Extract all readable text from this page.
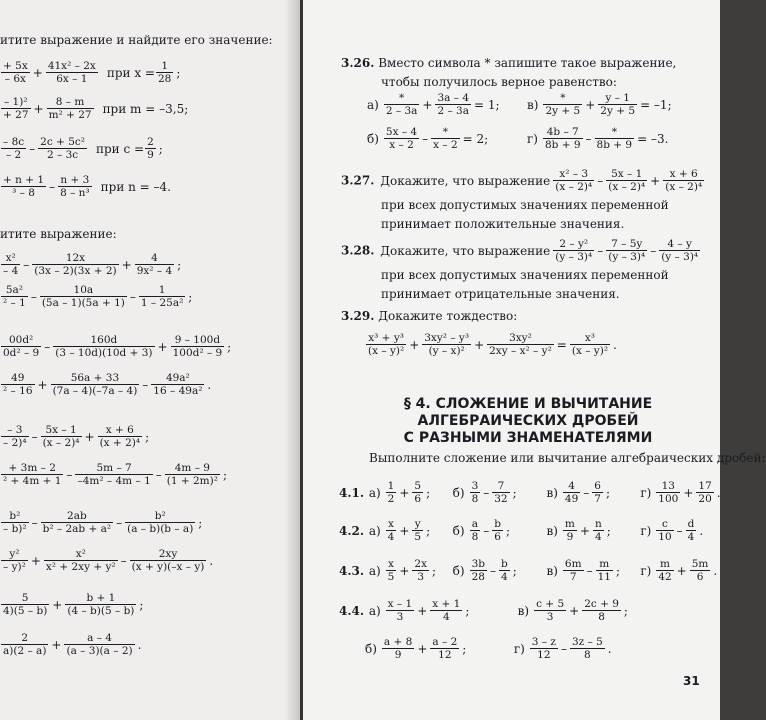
итите выражение и найдите его значение:
$\frac{+ 5x}{- 6x} + \frac{\text{41x² – 2x}}{6x - 1}$ при $x = \frac{1}{28}$ ;
$\frac{\text{– 1)²}}{+ 27} + \frac{8 - m}{\text{m² + 27}}$ при m = –3,5;
$\frac{- 8c}{- 2} - \frac{\text{2c + 5c²}}{2 - 3c}$ при $c = \frac{2}{9}$ ;
$\frac{+ n + 1}{\text{³ – 8}} - \frac{n + 3}{\text{8 – n³}}$ при n = –4.
итите выражение:
$\frac{\text{x²}}{- 4} - \frac{12x}{(3x - 2)(3x + 2)} + \frac{4}{\text{9x² – 4}}$ ;
$\frac{\text{5a²}}{\text{² – 1}} - \frac{10a}{(5a - 1)(5a + 1)} - \frac{1}{\text{1 – 25a²}}$ ;
$\frac{\text{00d²}}{\text{0d² – 9}} - \frac{160d}{(3 - 10d)(10d + 3)} + \frac{9 - 100d}{\text{100d² – 9}}$ ;
$\frac{49}{\text{² – 16}} + \frac{56a + 33}{(7a - 4)(-7a - 4)} - \frac{\text{49a²}}{\text{16 – 49a²}}$ .
$\frac{- 3}{\text{– 2)⁴}} - \frac{5x - 1}{\text{(x – 2)⁴}} + \frac{x + 6}{\text{(x + 2)⁴}}$ ;
$\frac{+ 3m - 2}{\text{² + 4m + 1}} - \frac{5m - 7}{\text{–4m² – 4m – 1}} - \frac{4m - 9}{\text{(1 + 2m)²}}$ ;
$\frac{\text{b²}}{\text{– b)²}} - \frac{2ab}{\text{b² – 2ab + a²}} - \frac{\text{b²}}{(a - b)(b - a)}$ ;
$\frac{\text{y²}}{\text{– y)²}} + \frac{\text{x²}}{\text{x² + 2xy + y²}} - \frac{2xy}{(x + y)(-x - y)}$ .
$\frac{5}{4)(5 - b)} + \frac{b + 1}{(4 - b)(5 - b)}$ ;
$\frac{2}{a)(2 - a)} + \frac{a - 4}{(a - 3)(a - 2)}$ .
3.26. Вместо символа * запишите такое выражение, чтобы получилось верное равенство:
а)	*
$2 - 3a + \frac{3a - 4}{2 - 3a} = 1$; в)	*
$2y + 5 + \frac{y - 1}{2y + 5} = -1$;
$б) \frac{5x - 4}{x - 2}$ –	*
x – 2 = 2;	$г) \frac{4b - 7}{8b + 9}$ –	*
8b + 9 = –3.
3.27. Докажите, что выражение $\frac{\text{x² – 3}}{\text{(x – 2)⁴}} - \frac{5x - 1}{\text{(x – 2)⁴}} + \frac{x + 6}{\text{(x – 2)⁴}}$
при всех допустимых значениях переменной принимает положительные значения.
3.28. Докажите, что выражение $\frac{\text{2 – y²}}{\text{(y – 3)⁴}} - \frac{7 - 5y}{\text{(y – 3)⁴}} - \frac{4 - y}{\text{(y – 3)⁴}}$
при всех допустимых значениях переменной принимает отрицательные значения.
3.29. Докажите тождество:
$\frac{\text{x³ + y³}}{\text{(x – y)²}} + \frac{\text{3xy² – y³}}{\text{(y – x)²}} + \frac{\text{3xy²}}{\text{2xy – x² – y²}} = \frac{\text{x³}}{\text{(x – y)²}}$ .
§ 4. СЛОЖЕНИЕ И ВЫЧИТАНИЕ
АЛГЕБРАИЧЕСКИХ ДРОБЕЙ
С РАЗНЫМИ ЗНАМЕНАТЕЛЯМИ
Выполните сложение или вычитание алгебраических дробей:
4.1. $а) \frac{1}{2} + \frac{5}{6}$ ; $б) \frac{3}{8} - \frac{7}{32}$ ; $в) \frac{4}{49} - \frac{6}{7}$ ;	$г) \frac{13}{100} + \frac{17}{20}$ .
4.2. $а) \frac{x}{4} + \frac{y}{5}$ ; $б) \frac{a}{8} - \frac{b}{6}$ ;	$в) \frac{m}{9} + \frac{n}{4}$ ; $г) \frac{c}{10} - \frac{d}{4}$ .
4.3. $а) \frac{x}{5} + \frac{2x}{3}$ ; $б) \frac{3b}{28} - \frac{b}{4}$ ; $в) \frac{6m}{7} - \frac{m}{11}$ ; $г) \frac{m}{42} + \frac{5m}{6}$ .
4.4. $а) \frac{x - 1}{3} + \frac{x + 1}{4}$ ;	$в) \frac{c + 5}{3} + \frac{2c + 9}{8}$ ;
$б) \frac{a + 8}{9} + \frac{a - 2}{12}$ ;	$г) \frac{3 - z}{12} - \frac{3z - 5}{8}$ .
31
